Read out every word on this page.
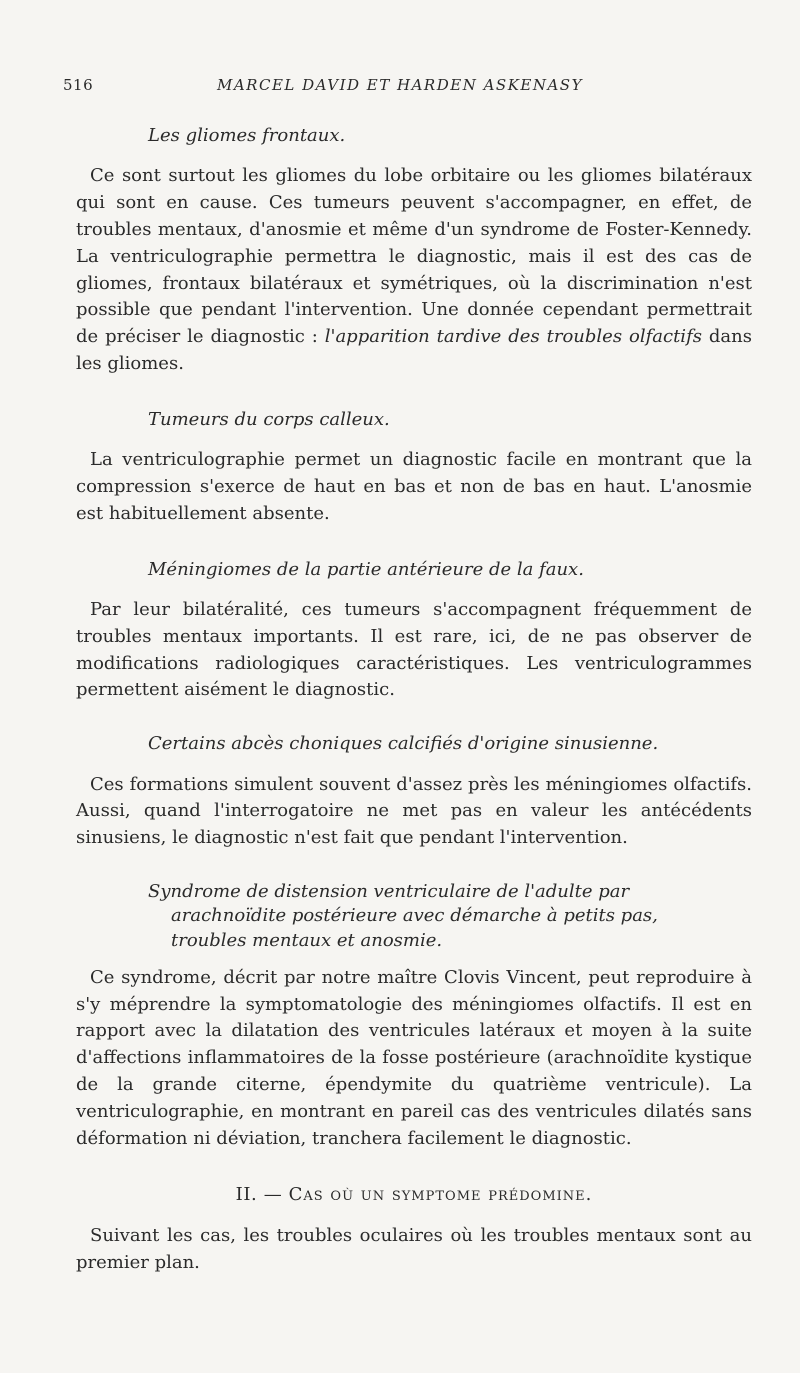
516	MARCEL DAVID ET HARDEN ASKENASY
Les gliomes frontaux.

Ce sont surtout les gliomes du lobe orbitaire ou les gliomes bilatéraux qui sont en cause. Ces tumeurs peuvent s'accompagner, en effet, de troubles mentaux, d'anosmie et même d'un syndrome de Foster-Kennedy. La ventriculographie permettra le diagnostic, mais il est des cas de gliomes, frontaux bilatéraux et symétriques, où la discrimination n'est possible que pendant l'intervention. Une donnée cependant permettrait de préciser le diagnostic : l'apparition tardive des troubles olfactifs dans les gliomes.

Tumeurs du corps calleux.

La ventriculographie permet un diagnostic facile en montrant que la compression s'exerce de haut en bas et non de bas en haut. L'anosmie est habituellement absente.

Méningiomes de la partie antérieure de la faux.

Par leur bilatéralité, ces tumeurs s'accompagnent fréquemment de troubles mentaux importants. Il est rare, ici, de ne pas observer de modifications radiologiques caractéristiques. Les ventriculogrammes permettent aisément le diagnostic.

Certains abcès choniques calcifiés d'origine sinusienne.

Ces formations simulent souvent d'assez près les méningiomes olfactifs. Aussi, quand l'interrogatoire ne met pas en valeur les antécédents sinusiens, le diagnostic n'est fait que pendant l'intervention.

Syndrome de distension ventriculaire de l'adulte par arachnoïdite postérieure avec démarche à petits pas, troubles mentaux et anosmie.

Ce syndrome, décrit par notre maître Clovis Vincent, peut reproduire à s'y méprendre la symptomatologie des méningiomes olfactifs. Il est en rapport avec la dilatation des ventricules latéraux et moyen à la suite d'affections inflammatoires de la fosse postérieure (arachnoïdite kystique de la grande citerne, épendymite du quatrième ventricule). La ventriculographie, en montrant en pareil cas des ventricules dilatés sans déformation ni déviation, tranchera facilement le diagnostic.

II. — Cas où un symptome prédomine.

Suivant les cas, les troubles oculaires où les troubles mentaux sont au premier plan.
